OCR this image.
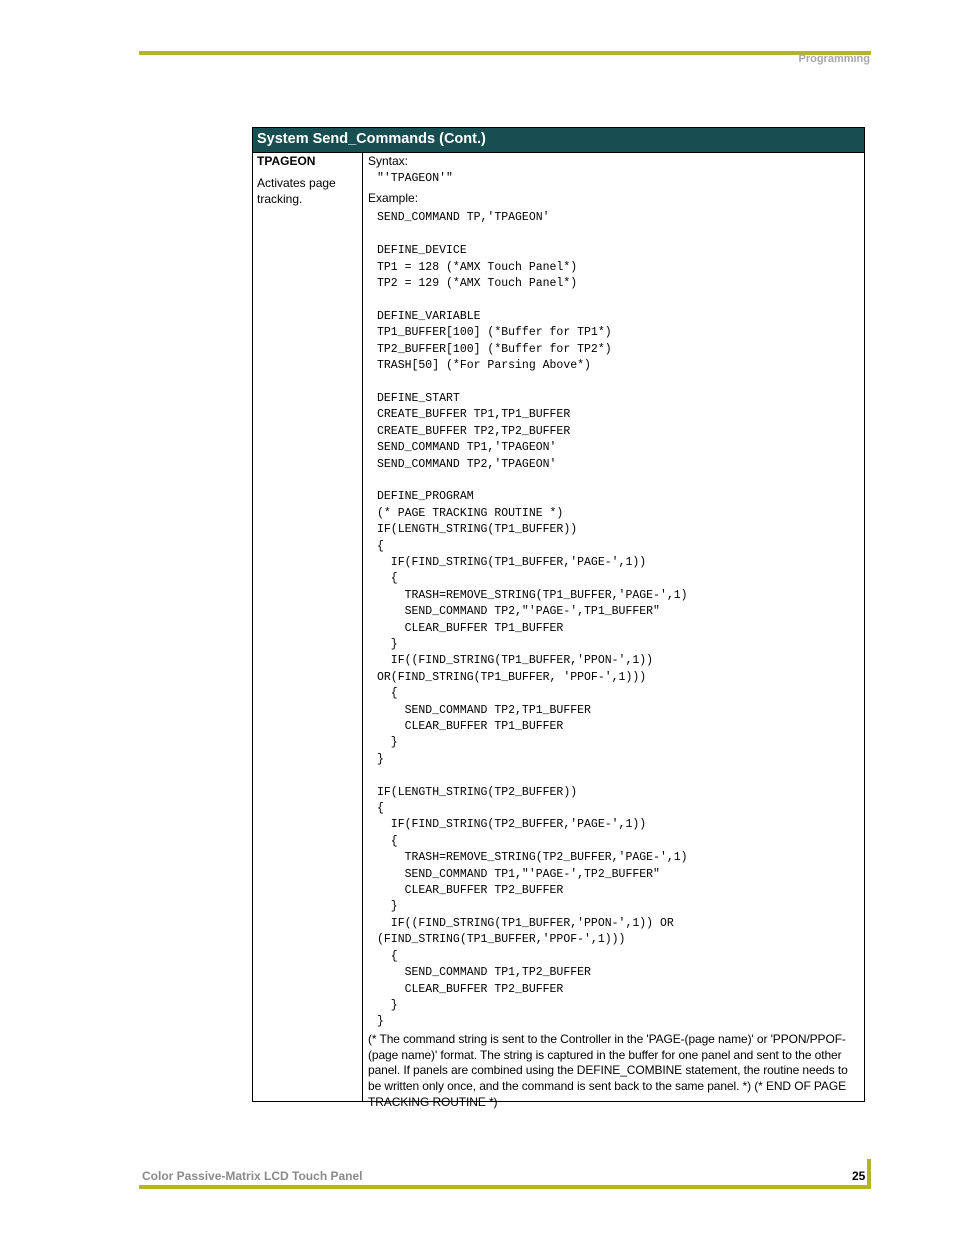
Programming
System Send_Commands (Cont.)
TPAGEON
Activates page tracking.
Syntax:
"'TPAGEON'"
Example:
SEND_COMMAND TP,'TPAGEON'

DEFINE_DEVICE
TP1 = 128 (*AMX Touch Panel*)
TP2 = 129 (*AMX Touch Panel*)

DEFINE_VARIABLE
TP1_BUFFER[100] (*Buffer for TP1*)
TP2_BUFFER[100] (*Buffer for TP2*)
TRASH[50] (*For Parsing Above*)

DEFINE_START
CREATE_BUFFER TP1,TP1_BUFFER
CREATE_BUFFER TP2,TP2_BUFFER
SEND_COMMAND TP1,'TPAGEON'
SEND_COMMAND TP2,'TPAGEON'

DEFINE_PROGRAM
(* PAGE TRACKING ROUTINE *)
IF(LENGTH_STRING(TP1_BUFFER))
{
IF(FIND_STRING(TP1_BUFFER,'PAGE-',1))
{
TRASH=REMOVE_STRING(TP1_BUFFER,'PAGE-',1)
SEND_COMMAND TP2,"'PAGE-',TP1_BUFFER"
CLEAR_BUFFER TP1_BUFFER
}
IF((FIND_STRING(TP1_BUFFER,'PPON-',1))
OR(FIND_STRING(TP1_BUFFER, 'PPOF-',1)))
{
SEND_COMMAND TP2,TP1_BUFFER
CLEAR_BUFFER TP1_BUFFER
}
}

IF(LENGTH_STRING(TP2_BUFFER))
{
IF(FIND_STRING(TP2_BUFFER,'PAGE-',1))
{
TRASH=REMOVE_STRING(TP2_BUFFER,'PAGE-',1)
SEND_COMMAND TP1,"'PAGE-',TP2_BUFFER"
CLEAR_BUFFER TP2_BUFFER
}
IF((FIND_STRING(TP1_BUFFER,'PPON-',1)) OR
(FIND_STRING(TP1_BUFFER,'PPOF-',1)))
{
SEND_COMMAND TP1,TP2_BUFFER
CLEAR_BUFFER TP2_BUFFER
}
}
(* The command string is sent to the Controller in the 'PAGE-(page name)' or 'PPON/PPOF-(page name)' format. The string is captured in the buffer for one panel and sent to the other panel. If panels are combined using the DEFINE_COMBINE statement, the routine needs to be written only once, and the command is sent back to the same panel. *) (* END OF PAGE TRACKING ROUTINE *)
Color Passive-Matrix LCD Touch Panel	25
